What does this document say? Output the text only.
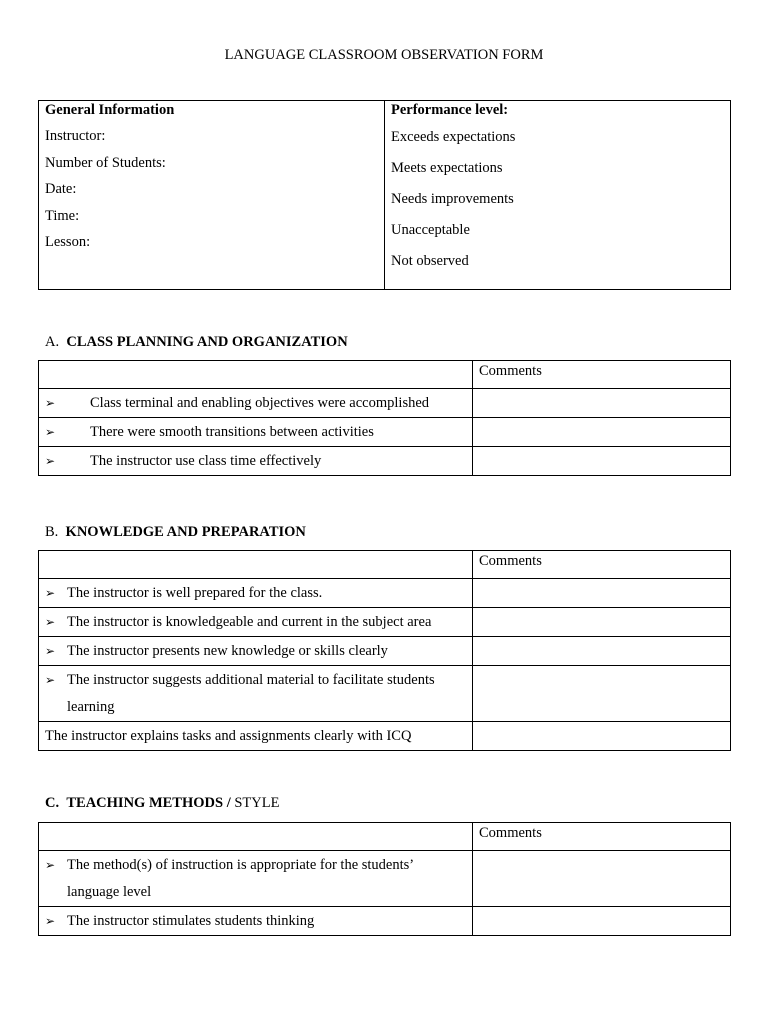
LANGUAGE CLASSROOM OBSERVATION FORM
General Information
Instructor:
Number of Students:
Date:
Time:
Lesson:

Performance level:
Exceeds expectations
Meets expectations
Needs improvements
Unacceptable
Not observed
A. CLASS PLANNING AND ORGANIZATION

	Comments

➢ Class terminal and enabling objectives were accomplished	

➢ There were smooth transitions between activities	

➢ The instructor use class time effectively	

B. KNOWLEDGE AND PREPARATION

	Comments

➢ The instructor is well prepared for the class.	

➢ The instructor is knowledgeable and current in the subject area	

➢ The instructor presents new knowledge or skills clearly	

➢ The instructor suggests additional material to facilitate students
learning	

The instructor explains tasks and assignments clearly with ICQ	

C. TEACHING METHODS / STYLE

	Comments

➢ The method(s) of instruction is appropriate for the students’
language level	

➢ The instructor stimulates students thinking	
